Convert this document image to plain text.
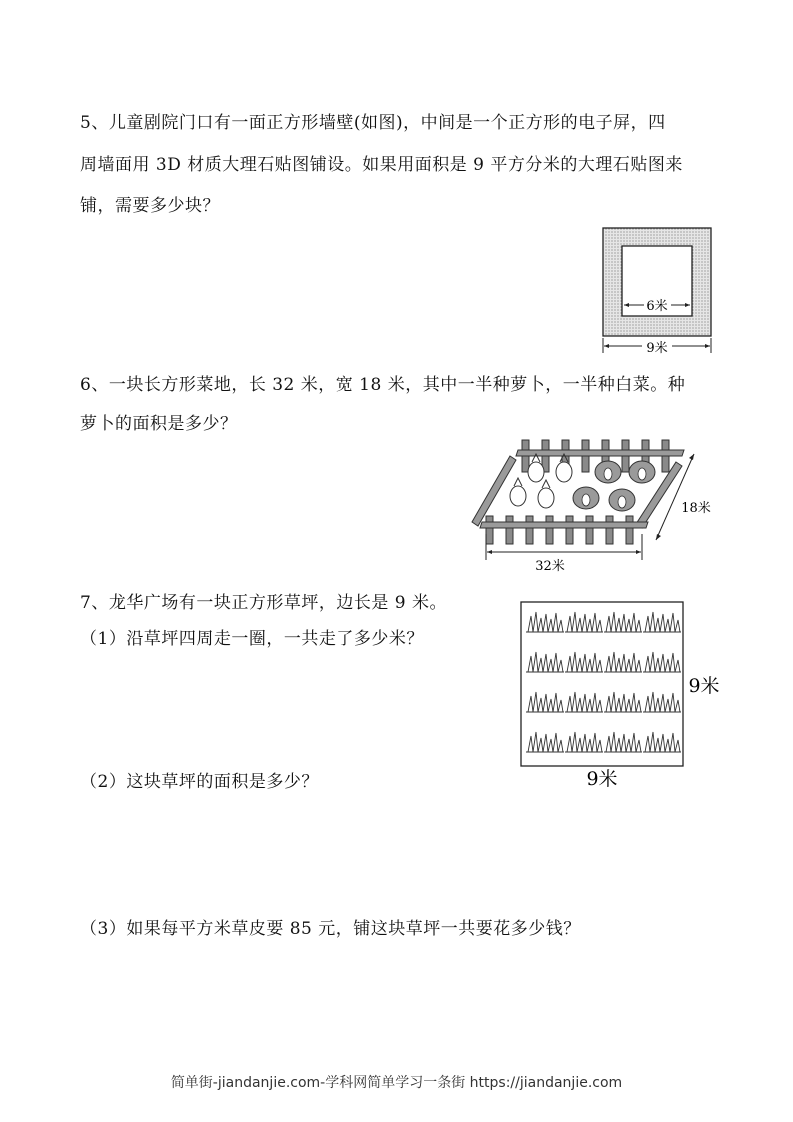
5、儿童剧院门口有一面正方形墙壁(如图)，中间是一个正方形的电子屏，四
周墙面用 3D 材质大理石贴图铺设。如果用面积是 9 平方分米的大理石贴图来
铺，需要多少块？
6米
9米
6、一块长方形菜地，长 32 米，宽 18 米，其中一半种萝卜，一半种白菜。种
萝卜的面积是多少？
32米
18米
7、龙华广场有一块正方形草坪，边长是 9 米。
（1）沿草坪四周走一圈，一共走了多少米？
（2）这块草坪的面积是多少？
（3）如果每平方米草皮要 85 元，铺这块草坪一共要花多少钱？
9米
9米
简单街-jiandanjie.com-学科网简单学习一条街 https://jiandanjie.com
